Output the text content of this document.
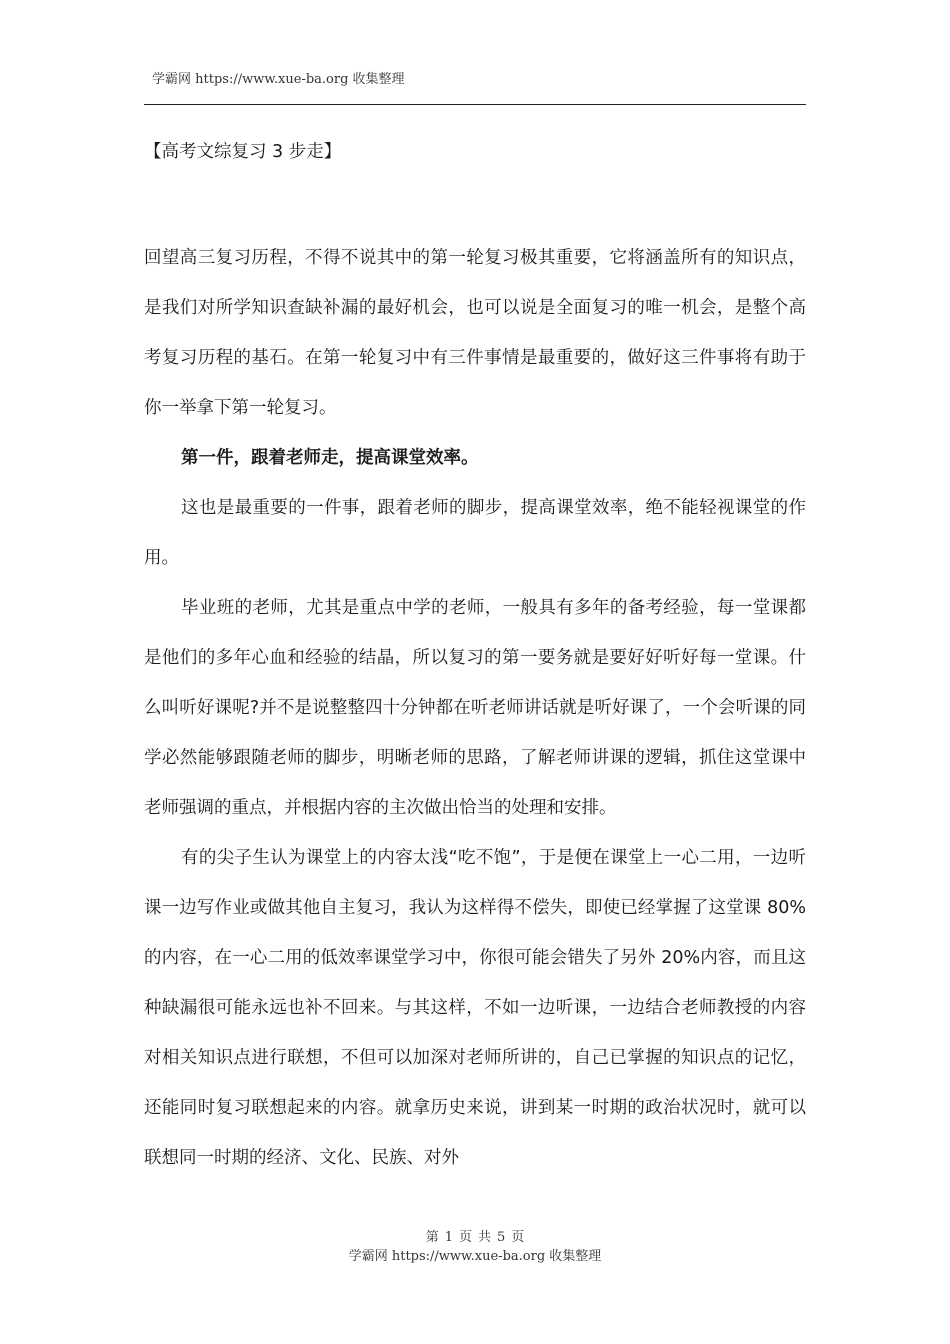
学霸网 https://www.xue-ba.org 收集整理
【高考文综复习 3 步走】

回望高三复习历程，不得不说其中的第一轮复习极其重要，它将涵盖所有的知识点，是我们对所学知识查缺补漏的最好机会，也可以说是全面复习的唯一机会，是整个高考复习历程的基石。在第一轮复习中有三件事情是最重要的，做好这三件事将有助于你一举拿下第一轮复习。

第一件，跟着老师走，提高课堂效率。

这也是最重要的一件事，跟着老师的脚步，提高课堂效率，绝不能轻视课堂的作用。

毕业班的老师，尤其是重点中学的老师，一般具有多年的备考经验，每一堂课都是他们的多年心血和经验的结晶，所以复习的第一要务就是要好好听好每一堂课。什么叫听好课呢?并不是说整整四十分钟都在听老师讲话就是听好课了，一个会听课的同学必然能够跟随老师的脚步，明晰老师的思路，了解老师讲课的逻辑，抓住这堂课中老师强调的重点，并根据内容的主次做出恰当的处理和安排。

有的尖子生认为课堂上的内容太浅“吃不饱”，于是便在课堂上一心二用，一边听课一边写作业或做其他自主复习，我认为这样得不偿失，即使已经掌握了这堂课 80%的内容，在一心二用的低效率课堂学习中，你很可能会错失了另外 20%内容，而且这种缺漏很可能永远也补不回来。与其这样，不如一边听课，一边结合老师教授的内容对相关知识点进行联想，不但可以加深对老师所讲的，自己已掌握的知识点的记忆，还能同时复习联想起来的内容。就拿历史来说，讲到某一时期的政治状况时，就可以联想同一时期的经济、文化、民族、对外

第 1 页 共 5 页
学霸网 https://www.xue-ba.org 收集整理
